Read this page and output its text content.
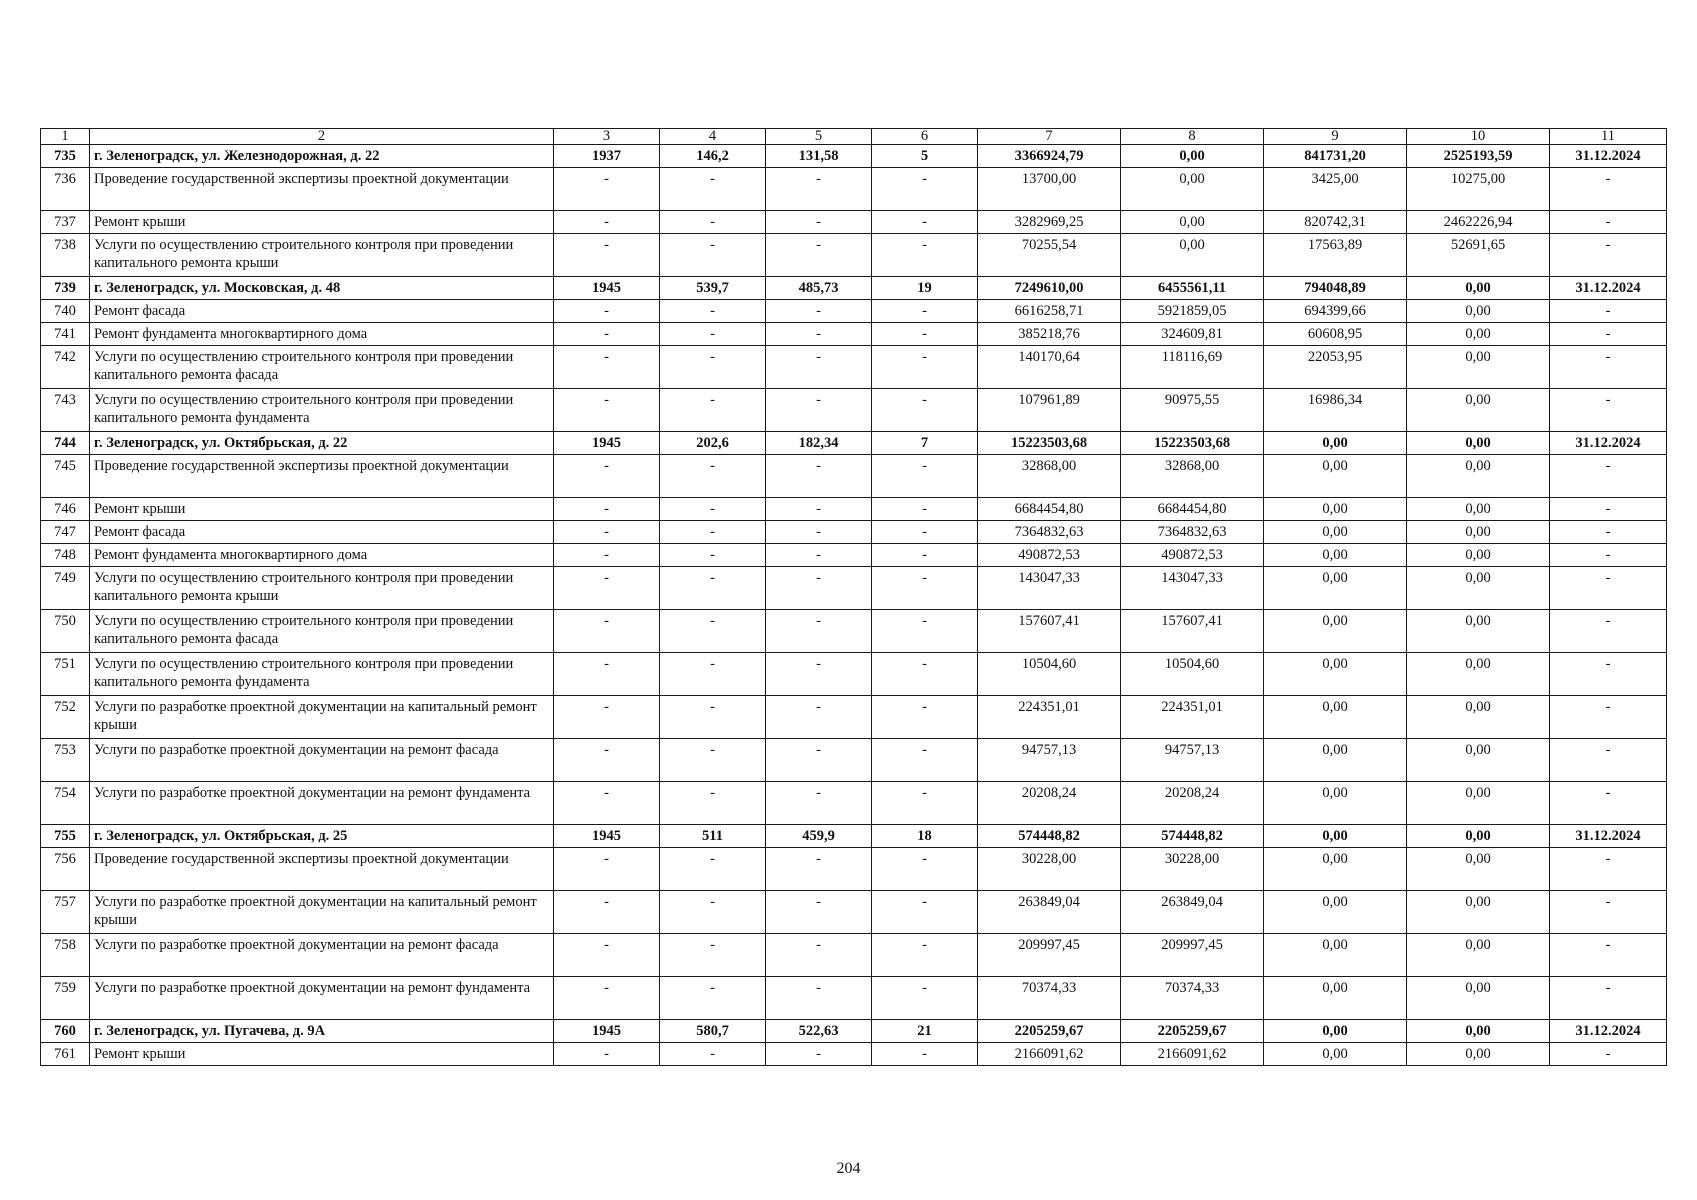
1	2	3	4	5	6	7	8	9	10	11
735	г. Зеленоградск, ул. Железнодорожная, д. 22	1937	146,2	131,58	5	3366924,79	0,00	841731,20	2525193,59	31.12.2024
736	Проведение государственной экспертизы проектной документации	-	-	-	-	13700,00	0,00	3425,00	10275,00	-
737	Ремонт крыши	-	-	-	-	3282969,25	0,00	820742,31	2462226,94	-
738	Услуги по осуществлению строительного контроля при проведении капитального ремонта крыши	-	-	-	-	70255,54	0,00	17563,89	52691,65	-
739	г. Зеленоградск, ул. Московская, д. 48	1945	539,7	485,73	19	7249610,00	6455561,11	794048,89	0,00	31.12.2024
740	Ремонт фасада	-	-	-	-	6616258,71	5921859,05	694399,66	0,00	-
741	Ремонт фундамента многоквартирного дома	-	-	-	-	385218,76	324609,81	60608,95	0,00	-
742	Услуги по осуществлению строительного контроля при проведении капитального ремонта фасада	-	-	-	-	140170,64	118116,69	22053,95	0,00	-
743	Услуги по осуществлению строительного контроля при проведении капитального ремонта фундамента	-	-	-	-	107961,89	90975,55	16986,34	0,00	-
744	г. Зеленоградск, ул. Октябрьская, д. 22	1945	202,6	182,34	7	15223503,68	15223503,68	0,00	0,00	31.12.2024
745	Проведение государственной экспертизы проектной документации	-	-	-	-	32868,00	32868,00	0,00	0,00	-
746	Ремонт крыши	-	-	-	-	6684454,80	6684454,80	0,00	0,00	-
747	Ремонт фасада	-	-	-	-	7364832,63	7364832,63	0,00	0,00	-
748	Ремонт фундамента многоквартирного дома	-	-	-	-	490872,53	490872,53	0,00	0,00	-
749	Услуги по осуществлению строительного контроля при проведении капитального ремонта крыши	-	-	-	-	143047,33	143047,33	0,00	0,00	-
750	Услуги по осуществлению строительного контроля при проведении капитального ремонта фасада	-	-	-	-	157607,41	157607,41	0,00	0,00	-
751	Услуги по осуществлению строительного контроля при проведении капитального ремонта фундамента	-	-	-	-	10504,60	10504,60	0,00	0,00	-
752	Услуги по разработке проектной документации на капитальный ремонт крыши	-	-	-	-	224351,01	224351,01	0,00	0,00	-
753	Услуги по разработке проектной документации на ремонт фасада	-	-	-	-	94757,13	94757,13	0,00	0,00	-
754	Услуги по разработке проектной документации на ремонт фундамента	-	-	-	-	20208,24	20208,24	0,00	0,00	-
755	г. Зеленоградск, ул. Октябрьская, д. 25	1945	511	459,9	18	574448,82	574448,82	0,00	0,00	31.12.2024
756	Проведение государственной экспертизы проектной документации	-	-	-	-	30228,00	30228,00	0,00	0,00	-
757	Услуги по разработке проектной документации на капитальный ремонт крыши	-	-	-	-	263849,04	263849,04	0,00	0,00	-
758	Услуги по разработке проектной документации на ремонт фасада	-	-	-	-	209997,45	209997,45	0,00	0,00	-
759	Услуги по разработке проектной документации на ремонт фундамента	-	-	-	-	70374,33	70374,33	0,00	0,00	-
760	г. Зеленоградск, ул. Пугачева, д. 9А	1945	580,7	522,63	21	2205259,67	2205259,67	0,00	0,00	31.12.2024
761	Ремонт крыши	-	-	-	-	2166091,62	2166091,62	0,00	0,00	-
204
